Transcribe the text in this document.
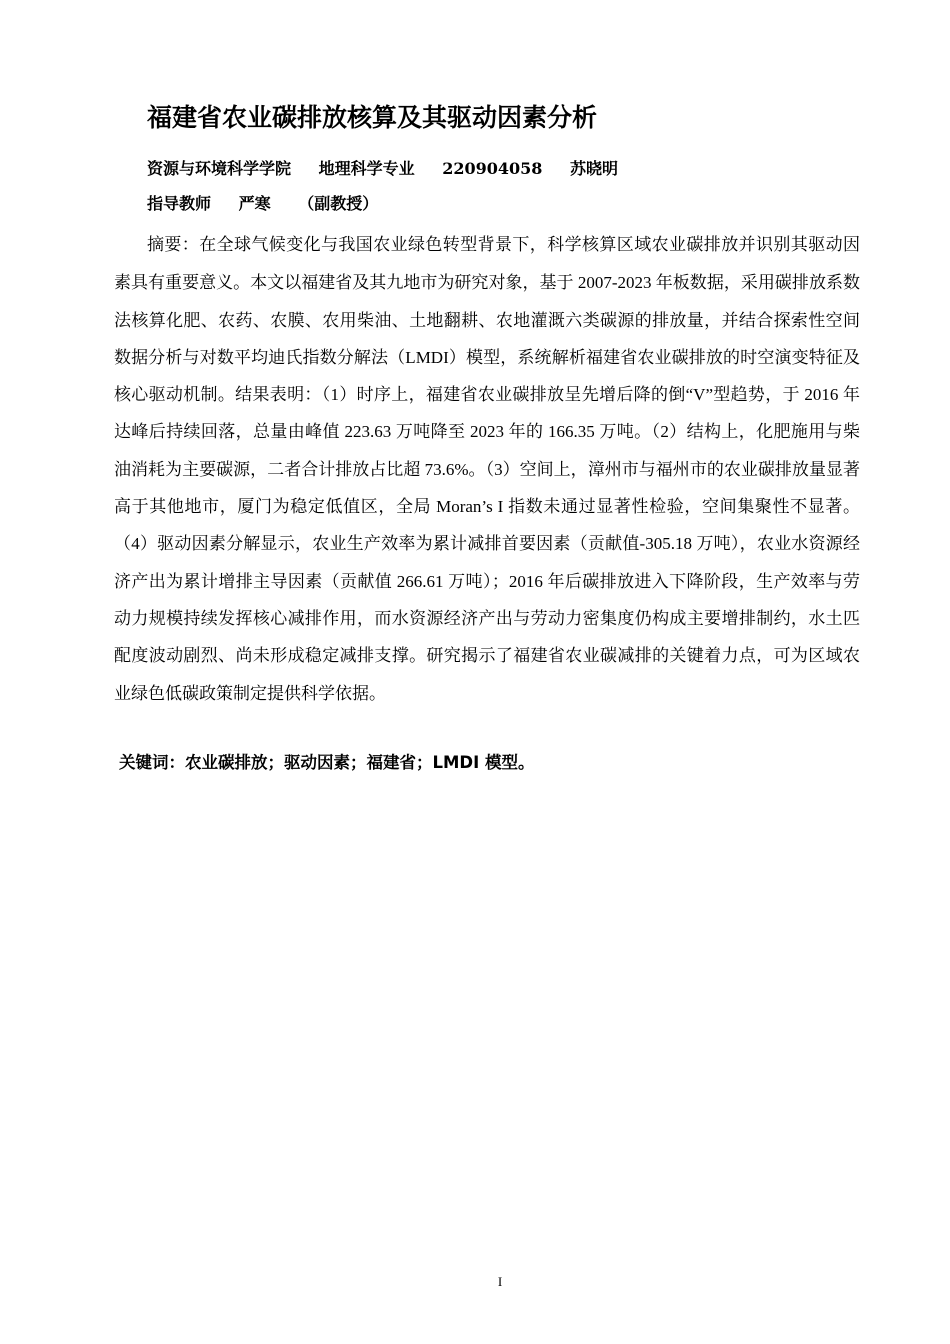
福建省农业碳排放核算及其驱动因素分析
资源与环境科学学院 地理科学专业 220904058 苏晓明
指导教师 严寒 （副教授）

摘要：在全球气候变化与我国农业绿色转型背景下，科学核算区域农业碳排放并识别其驱动因素具有重要意义。本文以福建省及其九地市为研究对象，基于 2007-2023 年板数据，采用碳排放系数法核算化肥、农药、农膜、农用柴油、土地翻耕、农地灌溉六类碳源的排放量，并结合探索性空间数据分析与对数平均迪氏指数分解法（LMDI）模型，系统解析福建省农业碳排放的时空演变特征及核心驱动机制。结果表明：（1）时序上，福建省农业碳排放呈先增后降的倒“V”型趋势，于 2016 年达峰后持续回落，总量由峰值 223.63 万吨降至 2023 年的 166.35 万吨。（2）结构上，化肥施用与柴油消耗为主要碳源，二者合计排放占比超 73.6%。（3）空间上，漳州市与福州市的农业碳排放量显著高于其他地市，厦门为稳定低值区，全局 Moran’s I 指数未通过显著性检验，空间集聚性不显著。（4）驱动因素分解显示，农业生产效率为累计减排首要因素（贡献值-305.18 万吨），农业水资源经济产出为累计增排主导因素（贡献值 266.61 万吨）；2016 年后碳排放进入下降阶段，生产效率与劳动力规模持续发挥核心减排作用，而水资源经济产出与劳动力密集度仍构成主要增排制约，水土匹配度波动剧烈、尚未形成稳定减排支撑。研究揭示了福建省农业碳减排的关键着力点，可为区域农业绿色低碳政策制定提供科学依据。

关键词：农业碳排放；驱动因素；福建省；LMDI 模型。

I
